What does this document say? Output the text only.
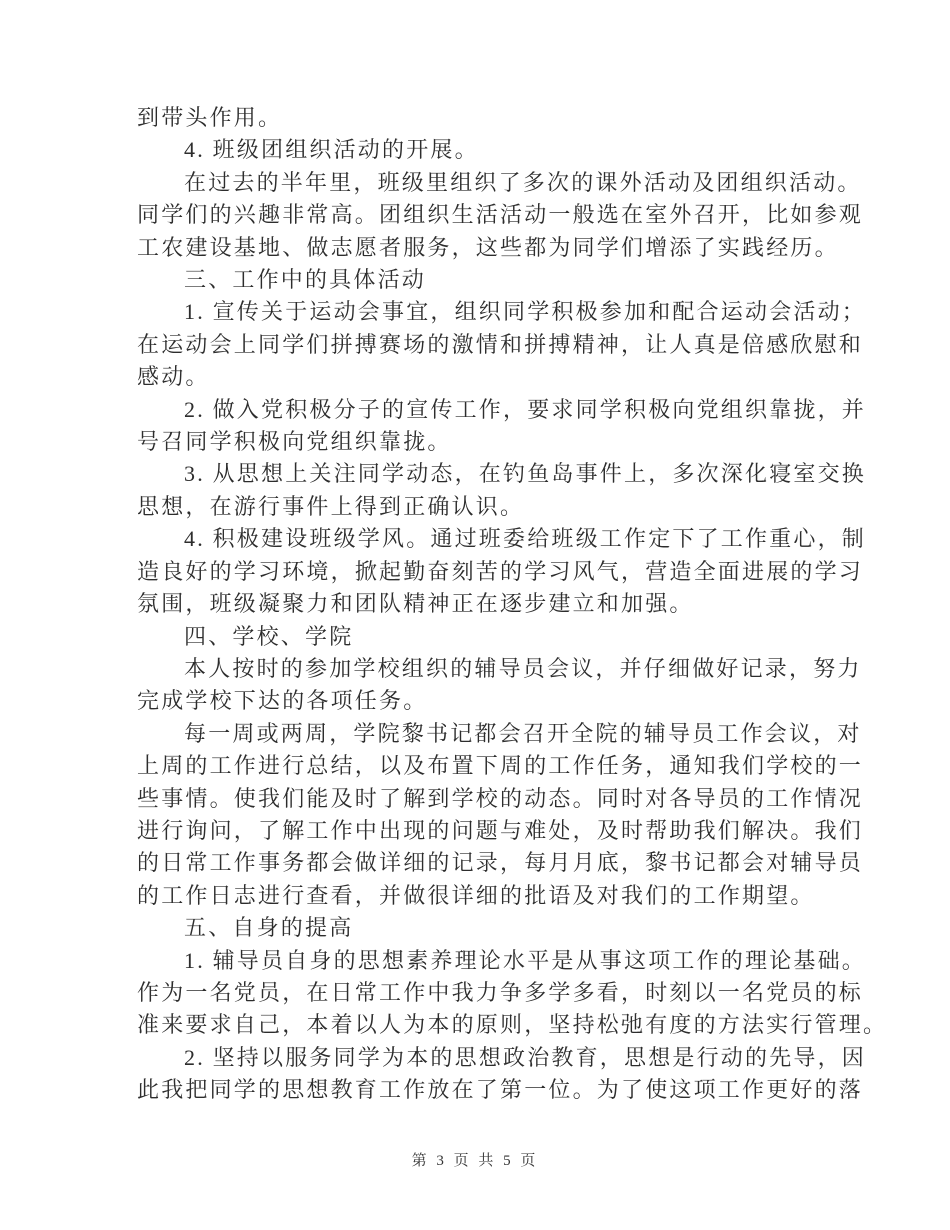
到带头作用。
4. 班级团组织活动的开展。
在过去的半年里，班级里组织了多次的课外活动及团组织活动。
同学们的兴趣非常高。团组织生活活动一般选在室外召开，比如参观
工农建设基地、做志愿者服务，这些都为同学们增添了实践经历。
三、工作中的具体活动
1. 宣传关于运动会事宜，组织同学积极参加和配合运动会活动；
在运动会上同学们拼搏赛场的激情和拼搏精神，让人真是倍感欣慰和
感动。
2. 做入党积极分子的宣传工作，要求同学积极向党组织靠拢，并
号召同学积极向党组织靠拢。
3. 从思想上关注同学动态，在钓鱼岛事件上，多次深化寝室交换
思想，在游行事件上得到正确认识。
4. 积极建设班级学风。通过班委给班级工作定下了工作重心，制
造良好的学习环境，掀起勤奋刻苦的学习风气，营造全面进展的学习
氛围，班级凝聚力和团队精神正在逐步建立和加强。
四、学校、学院
本人按时的参加学校组织的辅导员会议，并仔细做好记录，努力
完成学校下达的各项任务。
每一周或两周，学院黎书记都会召开全院的辅导员工作会议，对
上周的工作进行总结，以及布置下周的工作任务，通知我们学校的一
些事情。使我们能及时了解到学校的动态。同时对各导员的工作情况
进行询问，了解工作中出现的问题与难处，及时帮助我们解决。我们
的日常工作事务都会做详细的记录，每月月底，黎书记都会对辅导员
的工作日志进行查看，并做很详细的批语及对我们的工作期望。
五、自身的提高
1. 辅导员自身的思想素养理论水平是从事这项工作的理论基础。
作为一名党员，在日常工作中我力争多学多看，时刻以一名党员的标
准来要求自己，本着以人为本的原则，坚持松弛有度的方法实行管理。
2. 坚持以服务同学为本的思想政治教育，思想是行动的先导，因
此我把同学的思想教育工作放在了第一位。为了使这项工作更好的落
第 3 页 共 5 页
